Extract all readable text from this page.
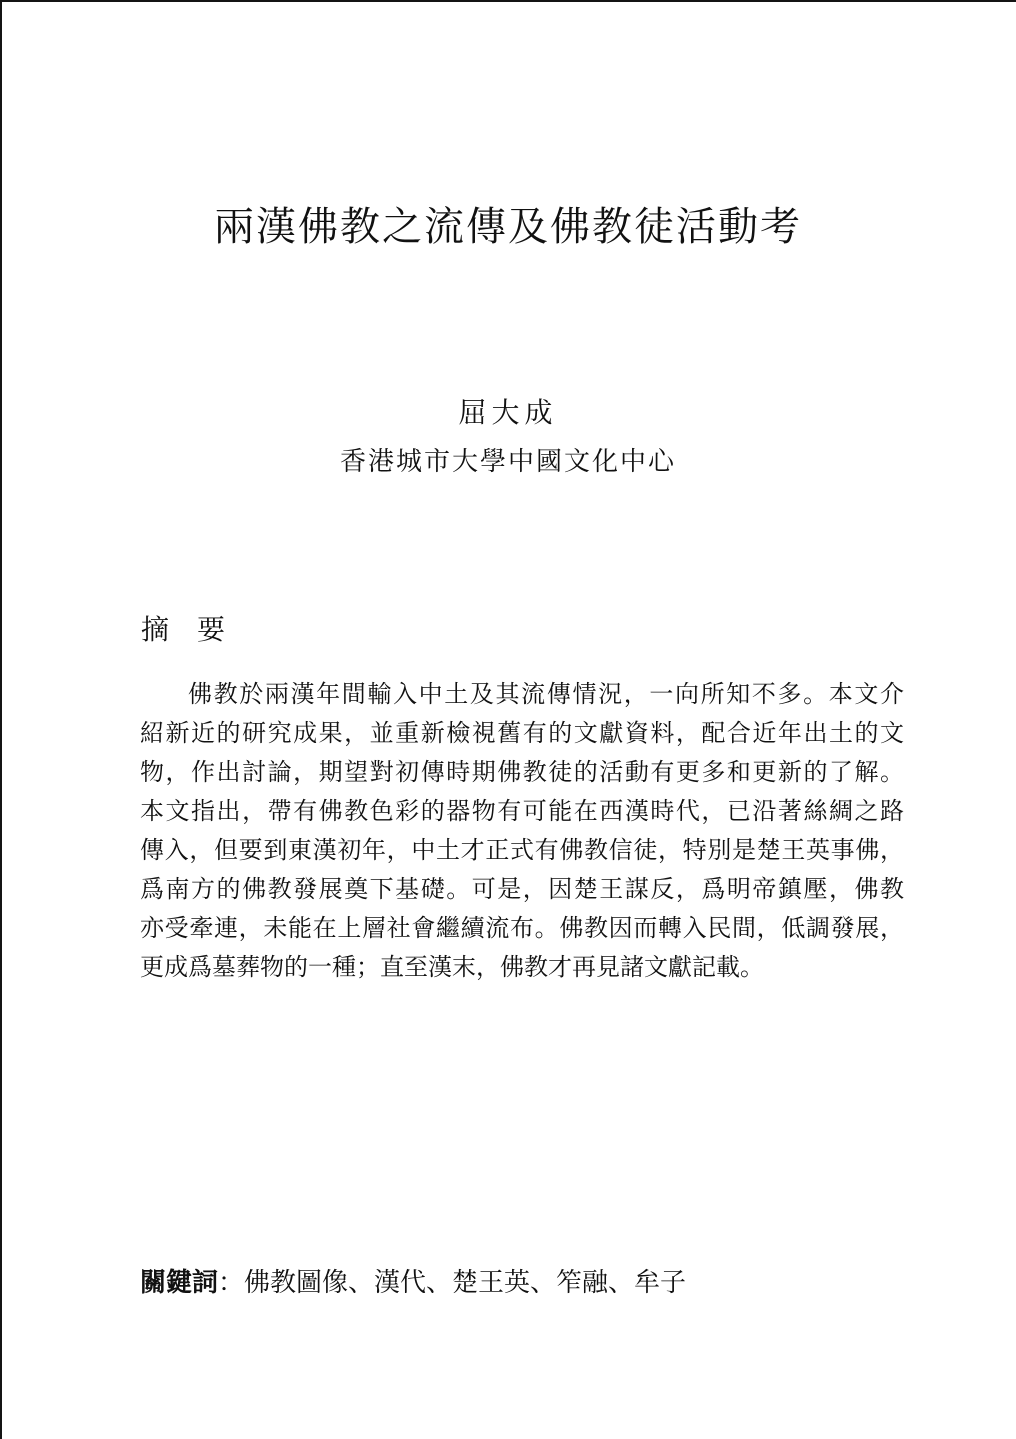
兩漢佛教之流傳及佛教徒活動考
屈大成
香港城市大學中國文化中心
摘　要
佛教於兩漢年間輸入中土及其流傳情況，一向所知不多。本文介
紹新近的研究成果，並重新檢視舊有的文獻資料，配合近年出土的文
物，作出討論，期望對初傳時期佛教徒的活動有更多和更新的了解。
本文指出，帶有佛教色彩的器物有可能在西漢時代，已沿著絲綢之路
傳入，但要到東漢初年，中土才正式有佛教信徒，特別是楚王英事佛，
爲南方的佛教發展奠下基礎。可是，因楚王謀反，爲明帝鎮壓，佛教
亦受牽連，未能在上層社會繼續流布。佛教因而轉入民間，低調發展，
更成爲墓葬物的一種；直至漢末，佛教才再見諸文獻記載。
關鍵詞：佛教圖像、漢代、楚王英、笮融、牟子
